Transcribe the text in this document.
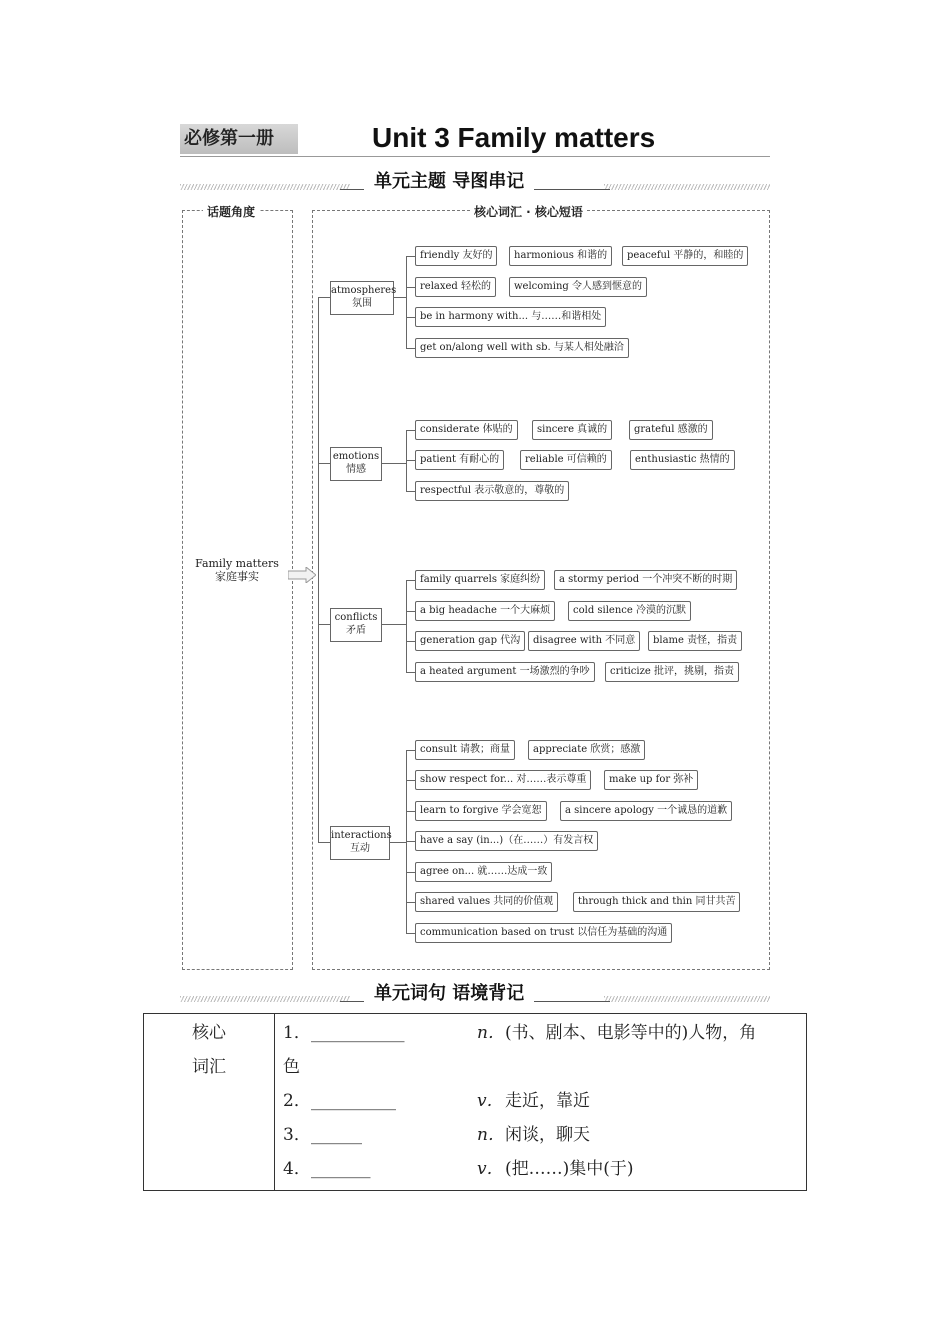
必修第一册	Unit 3 Family matters
单元主题 导图串记
话题角度	核心词汇 · 核心短语
Family matters
家庭事实
atmospheres
氛围
friendly 友好的	harmonious 和谐的	peaceful 平静的，和睦的
relaxed 轻松的	welcoming 令人感到惬意的
be in harmony with... 与……和谐相处
get on/along well with sb. 与某人相处融洽
emotions
情感
considerate 体贴的	sincere 真诚的	grateful 感激的
patient 有耐心的	reliable 可信赖的	enthusiastic 热情的
respectful 表示敬意的，尊敬的
conflicts
矛盾
family quarrels 家庭纠纷	a stormy period 一个冲突不断的时期
a big headache 一个大麻烦	cold silence 冷漠的沉默
generation gap 代沟	disagree with 不同意	blame 责怪，指责
a heated argument 一场激烈的争吵	criticize 批评，挑剔，指责
interactions
互动
consult 请教；商量	appreciate 欣赏；感激
show respect for... 对……表示尊重	make up for 弥补
learn to forgive 学会宽恕	a sincere apology 一个诚恳的道歉
have a say (in...)（在……）有发言权
agree on... 就……达成一致
shared values 共同的价值观	through thick and thin 同甘共苦
communication based on trust 以信任为基础的沟通
单元词句 语境背记
核心
词汇

1． ___________	n． (书、剧本、电影等中的)人物，角
色
2． __________	v． 走近，靠近
3． ______	n． 闲谈，聊天
4． _______	v． (把……)集中(于)
